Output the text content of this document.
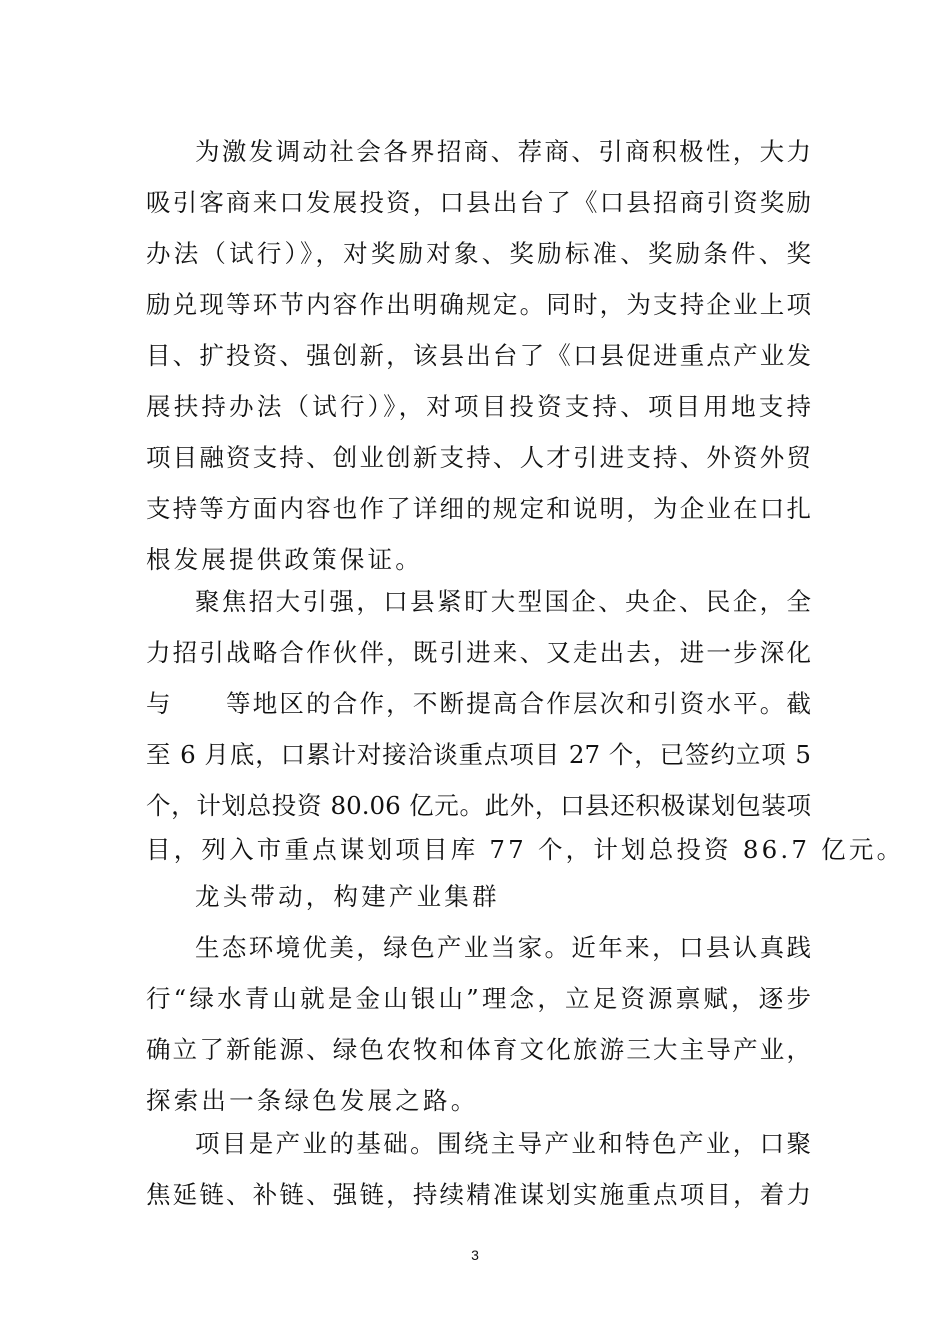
为激发调动社会各界招商、荐商、引商积极性，大力
吸引客商来口发展投资，口县出台了《口县招商引资奖励
办法（试行）》，对奖励对象、奖励标准、奖励条件、奖
励兑现等环节内容作出明确规定。同时，为支持企业上项
目、扩投资、强创新，该县出台了《口县促进重点产业发
展扶持办法（试行）》，对项目投资支持、项目用地支持
项目融资支持、创业创新支持、人才引进支持、外资外贸
支持等方面内容也作了详细的规定和说明，为企业在口扎
根发展提供政策保证。
聚焦招大引强，口县紧盯大型国企、央企、民企，全
力招引战略合作伙伴，既引进来、又走出去，进一步深化
与　　等地区的合作，不断提高合作层次和引资水平。截
至 6 月底，口累计对接洽谈重点项目 27 个，已签约立项 5
个，计划总投资 80.06 亿元。此外，口县还积极谋划包装项
目，列入市重点谋划项目库 77 个，计划总投资 86.7 亿元。
龙头带动，构建产业集群
生态环境优美，绿色产业当家。近年来，口县认真践
行“绿水青山就是金山银山”理念，立足资源禀赋，逐步
确立了新能源、绿色农牧和体育文化旅游三大主导产业，
探索出一条绿色发展之路。
项目是产业的基础。围绕主导产业和特色产业，口聚
焦延链、补链、强链，持续精准谋划实施重点项目，着力
3
